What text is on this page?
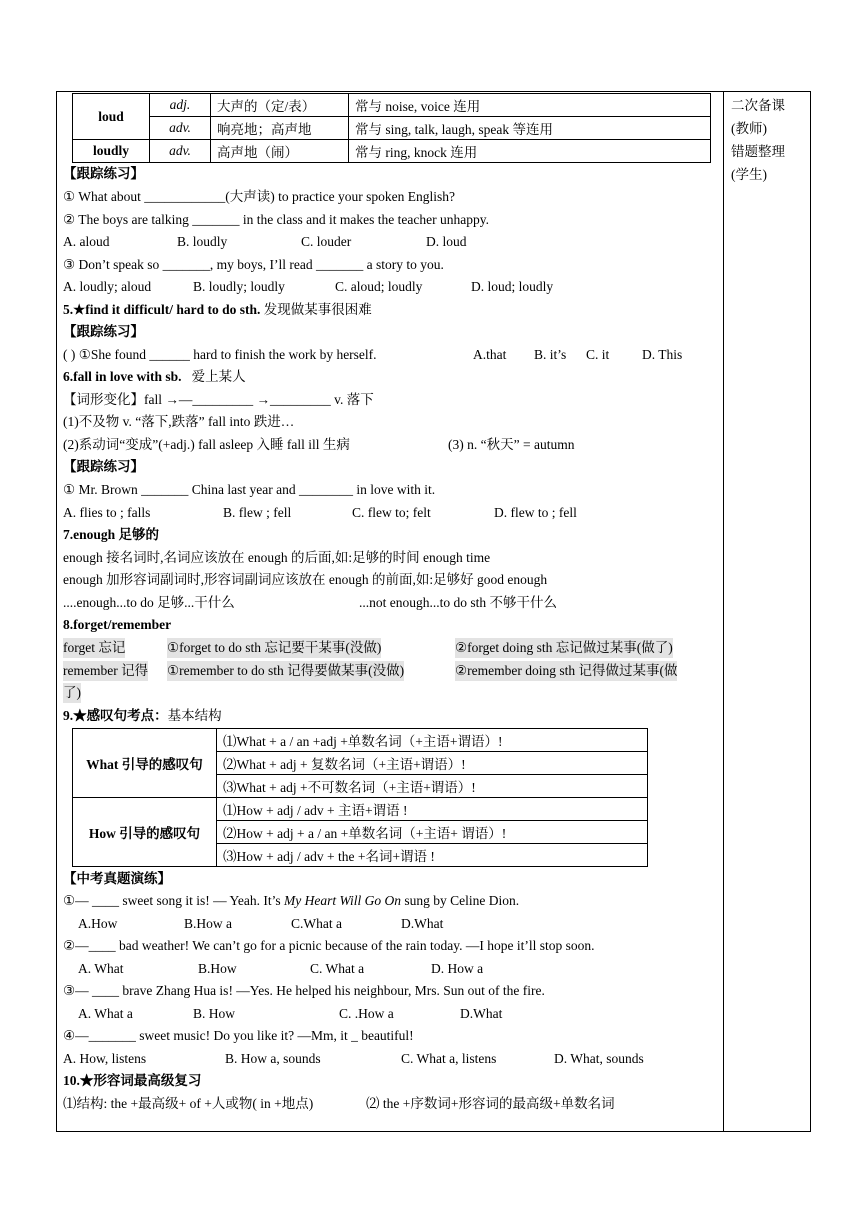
二次备课
(教师)
错题整理
(学生)
loud	adj.	大声的（定/表）	常与 noise, voice 连用
	adv.	响亮地；高声地	常与 sing, talk, laugh, speak 等连用
loudly	adv.	高声地（闹）	常与 ring, knock 连用
【跟踪练习】
① What about ____________(大声读) to practice your spoken English?
② The boys are talking _______ in the class and it makes the teacher unhappy.
A. aloud	B. loudly	C. louder	D. loud
③ Don’t speak so _______, my boys, I’ll read _______ a story to you.
A. loudly; aloud	B. loudly; loudly	C. aloud; loudly	D. loud; loudly
5.★find it difficult/ hard to do sth. 发现做某事很困难
【跟踪练习】
( ) ①She found ______ hard to finish the work by herself.	A.that B. it’s C. it D. This
6.fall in love with sb. 爱上某人
【词形变化】fall →—_________ →_________ v. 落下
(1)不及物 v. “落下,跌落” fall into 跌进…
(2)系动词“变成”(+adj.) fall asleep 入睡 fall ill 生病	(3) n. “秋天” = autumn
【跟踪练习】
① Mr. Brown _______ China last year and ________ in love with it.
A. flies to ; falls	B. flew ; fell	C. flew to; felt	D. flew to ; fell
7.enough 足够的
enough 接名词时,名词应该放在 enough 的后面,如:足够的时间 enough time
enough 加形容词副词时,形容词副词应该放在 enough 的前面,如:足够好 good enough
....enough...to do 足够...干什么	...not enough...to do sth 不够干什么
8.forget/remember
forget 忘记	①forget to do sth 忘记要干某事(没做)	②forget doing sth 忘记做过某事(做了)
remember 记得 ①remember to do sth 记得要做某事(没做)	②remember doing sth 记得做过某事(做
了)
9.★感叹句考点：基本结构
What 引导的感叹句	⑴What + a / an +adj +单数名词（+主语+谓语）!
	⑵What + adj + 复数名词（+主语+谓语）!
	⑶What + adj +不可数名词（+主语+谓语）!
How 引导的感叹句	⑴How + adj / adv + 主语+谓语 !
	⑵How + adj + a / an +单数名词（+主语+ 谓语）!
	⑶How + adj / adv + the +名词+谓语 !
【中考真题演练】
①— ____ sweet song it is! — Yeah. It’s My Heart Will Go On sung by Celine Dion.
A.How	B.How a	C.What a	D.What
②—____ bad weather! We can’t go for a picnic because of the rain today. —I hope it’ll stop soon.
A. What	B.How	C. What a	D. How a
③— ____ brave Zhang Hua is! —Yes. He helped his neighbour, Mrs. Sun out of the fire.
A. What a	B. How	C. .How a	D.What
④—_______ sweet music! Do you like it? —Mm, it _ beautiful!
A. How, listens	B. How a, sounds	C. What a, listens	D. What, sounds
10.★形容词最高级复习
⑴结构: the +最高级+ of +人或物( in +地点)	⑵ the +序数词+形容词的最高级+单数名词
